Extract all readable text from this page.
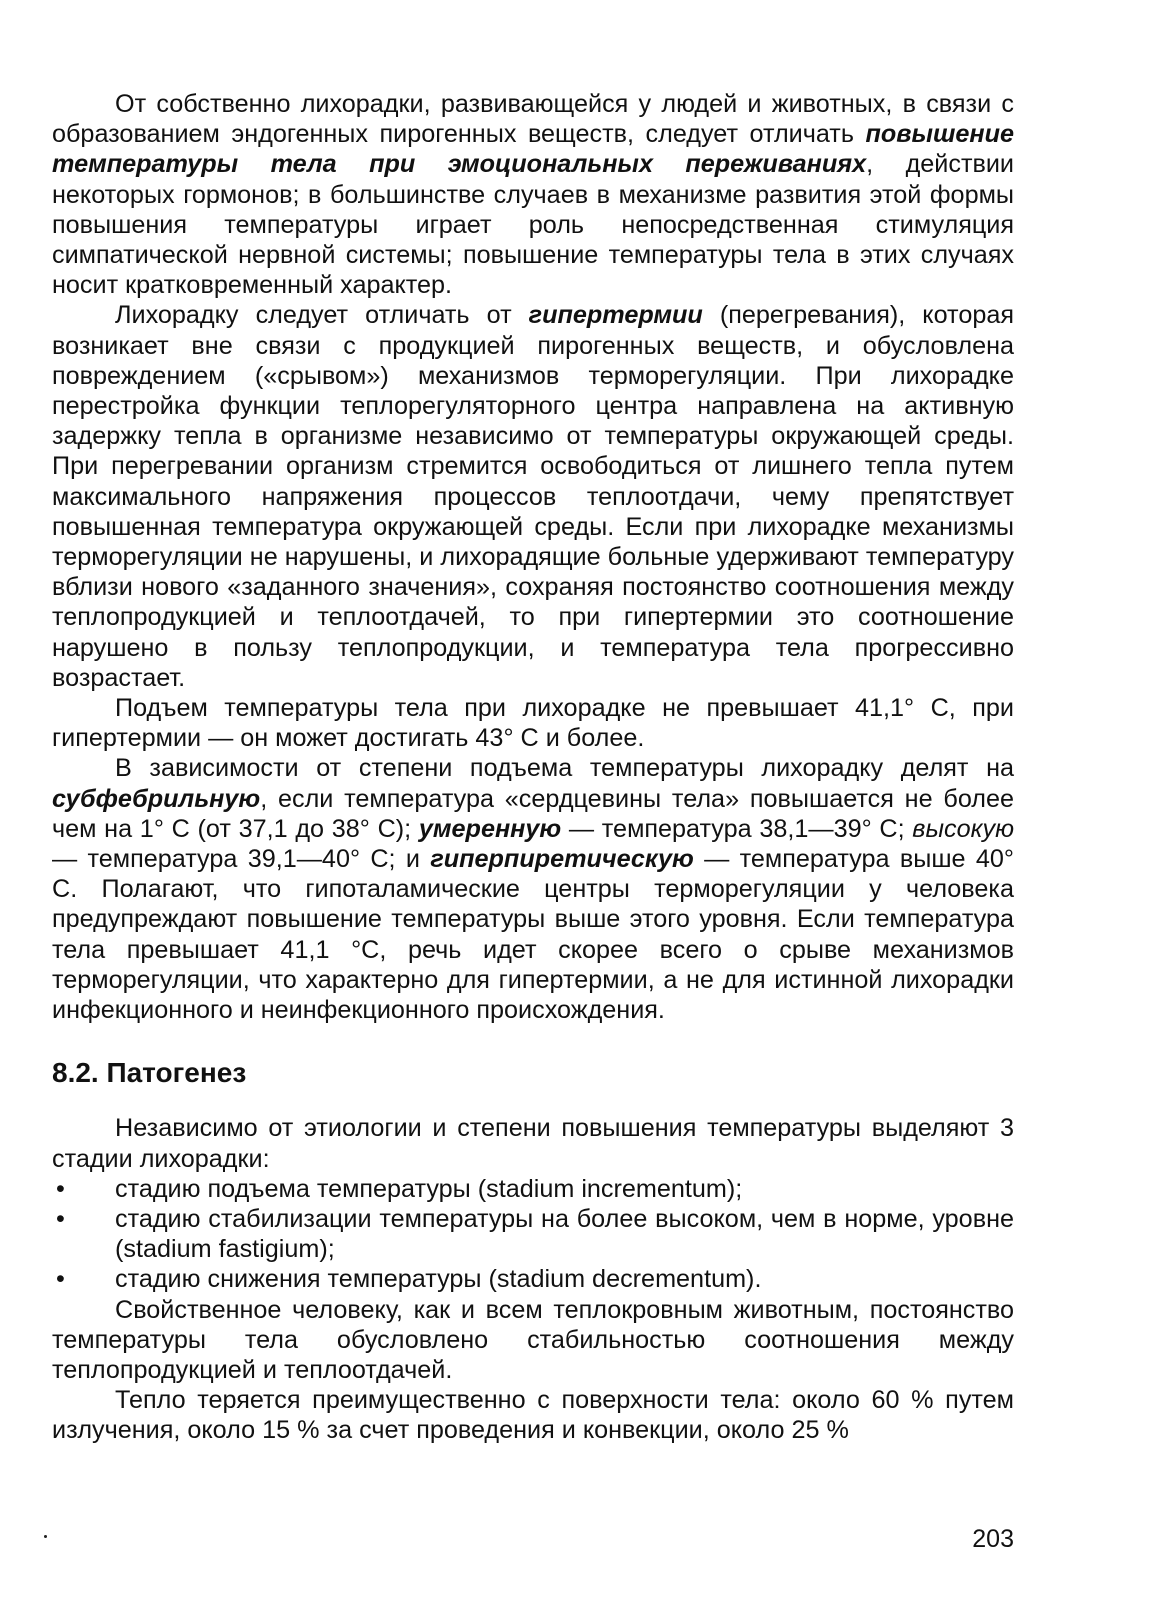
От собственно лихорадки, развивающейся у людей и животных, в связи с образованием эндогенных пирогенных веществ, следует отличать повышение температуры тела при эмоциональных переживаниях, действии некоторых гормонов; в большинстве случаев в механизме развития этой формы повышения температуры играет роль непосредственная стимуляция симпатической нервной системы; повышение температуры тела в этих случаях носит кратковременный характер.

Лихорадку следует отличать от гипертермии (перегревания), которая возникает вне связи с продукцией пирогенных веществ, и обусловлена повреждением («срывом») механизмов терморегуляции. При лихорадке перестройка функции теплорегуляторного центра направлена на активную задержку тепла в организме независимо от температуры окружающей среды. При перегревании организм стремится освободиться от лишнего тепла путем максимального напряжения процессов теплоотдачи, чему препятствует повышенная температура окружающей среды. Если при лихорадке механизмы терморегуляции не нарушены, и лихорадящие больные удерживают температуру вблизи нового «заданного значения», сохраняя постоянство соотношения между теплопродукцией и теплоотдачей, то при гипертермии это соотношение нарушено в пользу теплопродукции, и температура тела прогрессивно возрастает.

Подъем температуры тела при лихорадке не превышает 41,1° С, при гипертермии — он может достигать 43° С и более.

В зависимости от степени подъема температуры лихорадку делят на субфебрильную, если температура «сердцевины тела» повышается не более чем на 1° С (от 37,1 до 38° С); умеренную — температура 38,1—39° С; высокую — температура 39,1—40° С; и гиперпиретическую — температура выше 40° С. Полагают, что гипоталамические центры терморегуляции у человека предупреждают повышение температуры выше этого уровня. Если температура тела превышает 41,1 °С, речь идет скорее всего о срыве механизмов терморегуляции, что характерно для гипертермии, а не для истинной лихорадки инфекционного и неинфекционного происхождения.

8.2. Патогенез

Независимо от этиологии и степени повышения температуры выделяют 3 стадии лихорадки:

• стадию подъема температуры (stadium incrementum);
• стадию стабилизации температуры на более высоком, чем в норме, уровне (stadium fastigium);
• стадию снижения температуры (stadium decrementum).

Свойственное человеку, как и всем теплокровным животным, постоянство температуры тела обусловлено стабильностью соотношения между теплопродукцией и теплоотдачей.

Тепло теряется преимущественно с поверхности тела: около 60 % путем излучения, около 15 % за счет проведения и конвекции, около 25 %

203
